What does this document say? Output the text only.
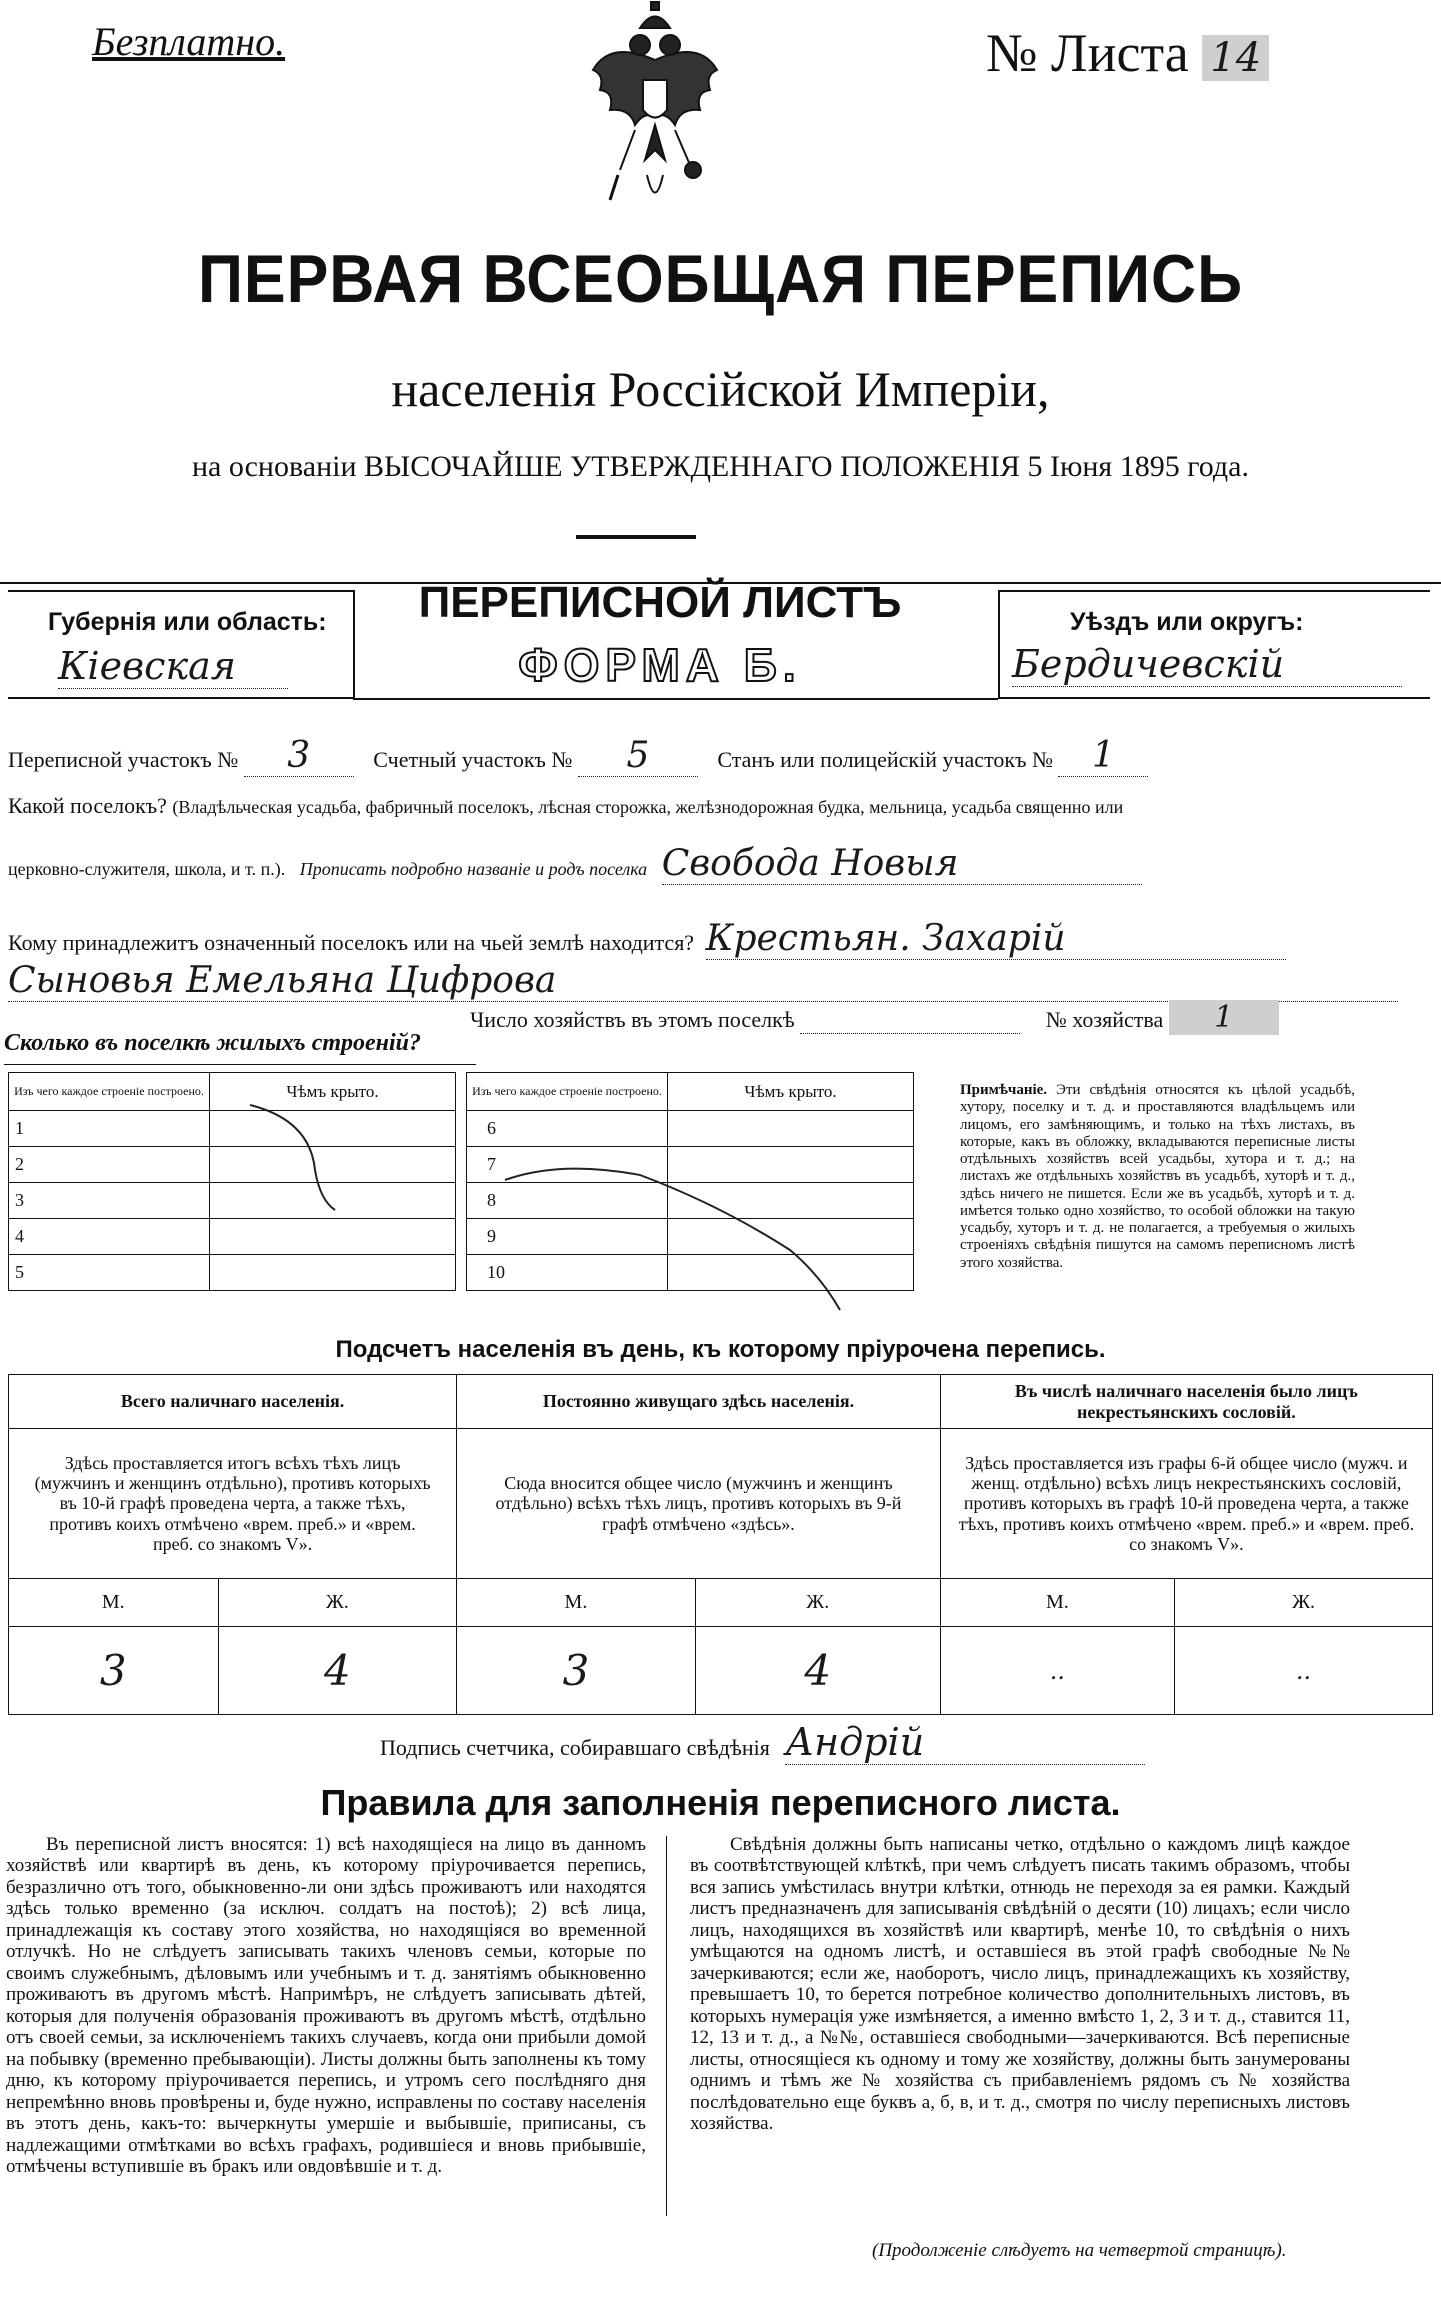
Безплатно.	№ Листа 14
ПЕРВАЯ ВСЕОБЩАЯ ПЕРЕПИСЬ
населенія Россійской Имперіи,
на основаніи ВЫСОЧАЙШЕ УТВЕРЖДЕННАГО ПОЛОЖЕНІЯ 5 Іюня 1895 года.
Губернія или область:
Кіевская
ПЕРЕПИСНОЙ ЛИСТЪ
ФОРМА Б.
Уѣздъ или округъ:
Бердичевскій
Переписной участокъ № 3	Счетный участокъ № 5	Станъ или полицейскій участокъ № 1
Какой поселокъ? (Владѣльческая усадьба, фабричный поселокъ, лѣсная сторожка, желѣзнодорожная будка, мельница, усадьба священно или
церковно-служителя, школа, и т. п.). Прописать подробно названіе и родъ поселка Свобода Новыя
Кому принадлежитъ означенный поселокъ или на чьей землѣ находится? Крестьян. Захарій
Сыновья Емельяна Цифрова
Число хозяйствъ въ этомъ поселкѣ	№ хозяйства 1
Сколько въ поселкѣ жилыхъ строеній?
Изъ чего каждое строеніе построено.	Чѣмъ крыто.
1	
2	
3	
4	
5	
Изъ чего каждое строеніе построено.	Чѣмъ крыто.
6	
7	
8	
9	
10	
Примѣчаніе. Эти свѣдѣнія относятся къ цѣлой усадьбѣ, хутору, поселку и т. д. и проставляются владѣльцемъ или лицомъ, его замѣняющимъ, и только на тѣхъ листахъ, въ которые, какъ въ обложку, вкладываются переписные листы отдѣльныхъ хозяйствъ всей усадьбы, хутора и т. д.; на листахъ же отдѣльныхъ хозяйствъ въ усадьбѣ, хуторѣ и т. д., здѣсь ничего не пишется. Если же въ усадьбѣ, хуторѣ и т. д. имѣется только одно хозяйство, то особой обложки на такую усадьбу, хуторъ и т. д. не полагается, а требуемыя о жилыхъ строеніяхъ свѣдѣнія пишутся на самомъ переписномъ листѣ этого хозяйства.
Подсчетъ населенія въ день, къ которому пріурочена перепись.
Всего наличнаго населенія.		Постоянно живущаго здѣсь населенія.		Въ числѣ наличнаго населенія было лицъ некрестьянскихъ сословій.	
Здѣсь проставляется итогъ всѣхъ тѣхъ лицъ (мужчинъ и женщинъ отдѣльно), противъ которыхъ въ 10-й графѣ проведена черта, а также тѣхъ, противъ коихъ отмѣчено «врем. преб.» и «врем. преб. со знакомъ V».		Сюда вносится общее число (мужчинъ и женщинъ отдѣльно) всѣхъ тѣхъ лицъ, противъ которыхъ въ 9-й графѣ отмѣчено «здѣсь».		Здѣсь проставляется изъ графы 6-й общее число (мужч. и женщ. отдѣльно) всѣхъ лицъ некрестьянскихъ сословій, противъ которыхъ въ графѣ 10-й проведена черта, а также тѣхъ, противъ коихъ отмѣчено «врем. преб.» и «врем. преб. со знакомъ V».	
М.	Ж.	М.	Ж.	М.	Ж.
3	4	3	4	..	..
Подпись счетчика, собиравшаго свѣдѣнія Андрій
Правила для заполненія переписного листа.
Въ переписной листъ вносятся: 1) всѣ находящіеся на лицо въ данномъ хозяйствѣ или квартирѣ въ день, къ которому пріурочивается перепись, безразлично отъ того, обыкновенно-ли они здѣсь проживаютъ или находятся здѣсь только временно (за исключ. солдатъ на постоѣ); 2) всѣ лица, принадлежащія къ составу этого хозяйства, но находящіяся во временной отлучкѣ. Но не слѣдуетъ записывать такихъ членовъ семьи, которые по своимъ служебнымъ, дѣловымъ или учебнымъ и т. д. занятіямъ обыкновенно проживаютъ въ другомъ мѣстѣ. Напримѣръ, не слѣдуетъ записывать дѣтей, которыя для полученія образованія проживаютъ въ другомъ мѣстѣ, отдѣльно отъ своей семьи, за исключеніемъ такихъ случаевъ, когда они прибыли домой на побывку (временно пребывающіи). Листы должны быть заполнены къ тому дню, къ которому пріурочивается перепись, и утромъ сего послѣдняго дня непремѣнно вновь провѣрены и, буде нужно, исправлены по составу населенія въ этотъ день, какъ-то: вычеркнуты умершіе и выбывшіе, приписаны, съ надлежащими отмѣтками во всѣхъ графахъ, родившіеся и вновь прибывшіе, отмѣчены вступившіе въ бракъ или овдовѣвшіе и т. д.
Свѣдѣнія должны быть написаны четко, отдѣльно о каждомъ лицѣ каждое въ соотвѣтствующей клѣткѣ, при чемъ слѣдуетъ писать такимъ образомъ, чтобы вся запись умѣстилась внутри клѣтки, отнюдь не переходя за ея рамки. Каждый листъ предназначенъ для записыванія свѣдѣній о десяти (10) лицахъ; если число лицъ, находящихся въ хозяйствѣ или квартирѣ, менѣе 10, то свѣдѣнія о нихъ умѣщаются на одномъ листѣ, и оставшіеся въ этой графѣ свободные №№ зачеркиваются; если же, наоборотъ, число лицъ, принадлежащихъ къ хозяйству, превышаетъ 10, то берется потребное количество дополнительныхъ листовъ, въ которыхъ нумерація уже измѣняется, а именно вмѣсто 1, 2, 3 и т. д., ставится 11, 12, 13 и т. д., а №№, оставшіеся свободными—зачеркиваются. Всѣ переписные листы, относящіеся къ одному и тому же хозяйству, должны быть занумерованы однимъ и тѣмъ же № хозяйства съ прибавленіемъ рядомъ съ № хозяйства послѣдовательно еще буквъ а, б, в, и т. д., смотря по числу переписныхъ листовъ хозяйства.
(Продолженіе слѣдуетъ на четвертой страницѣ).
